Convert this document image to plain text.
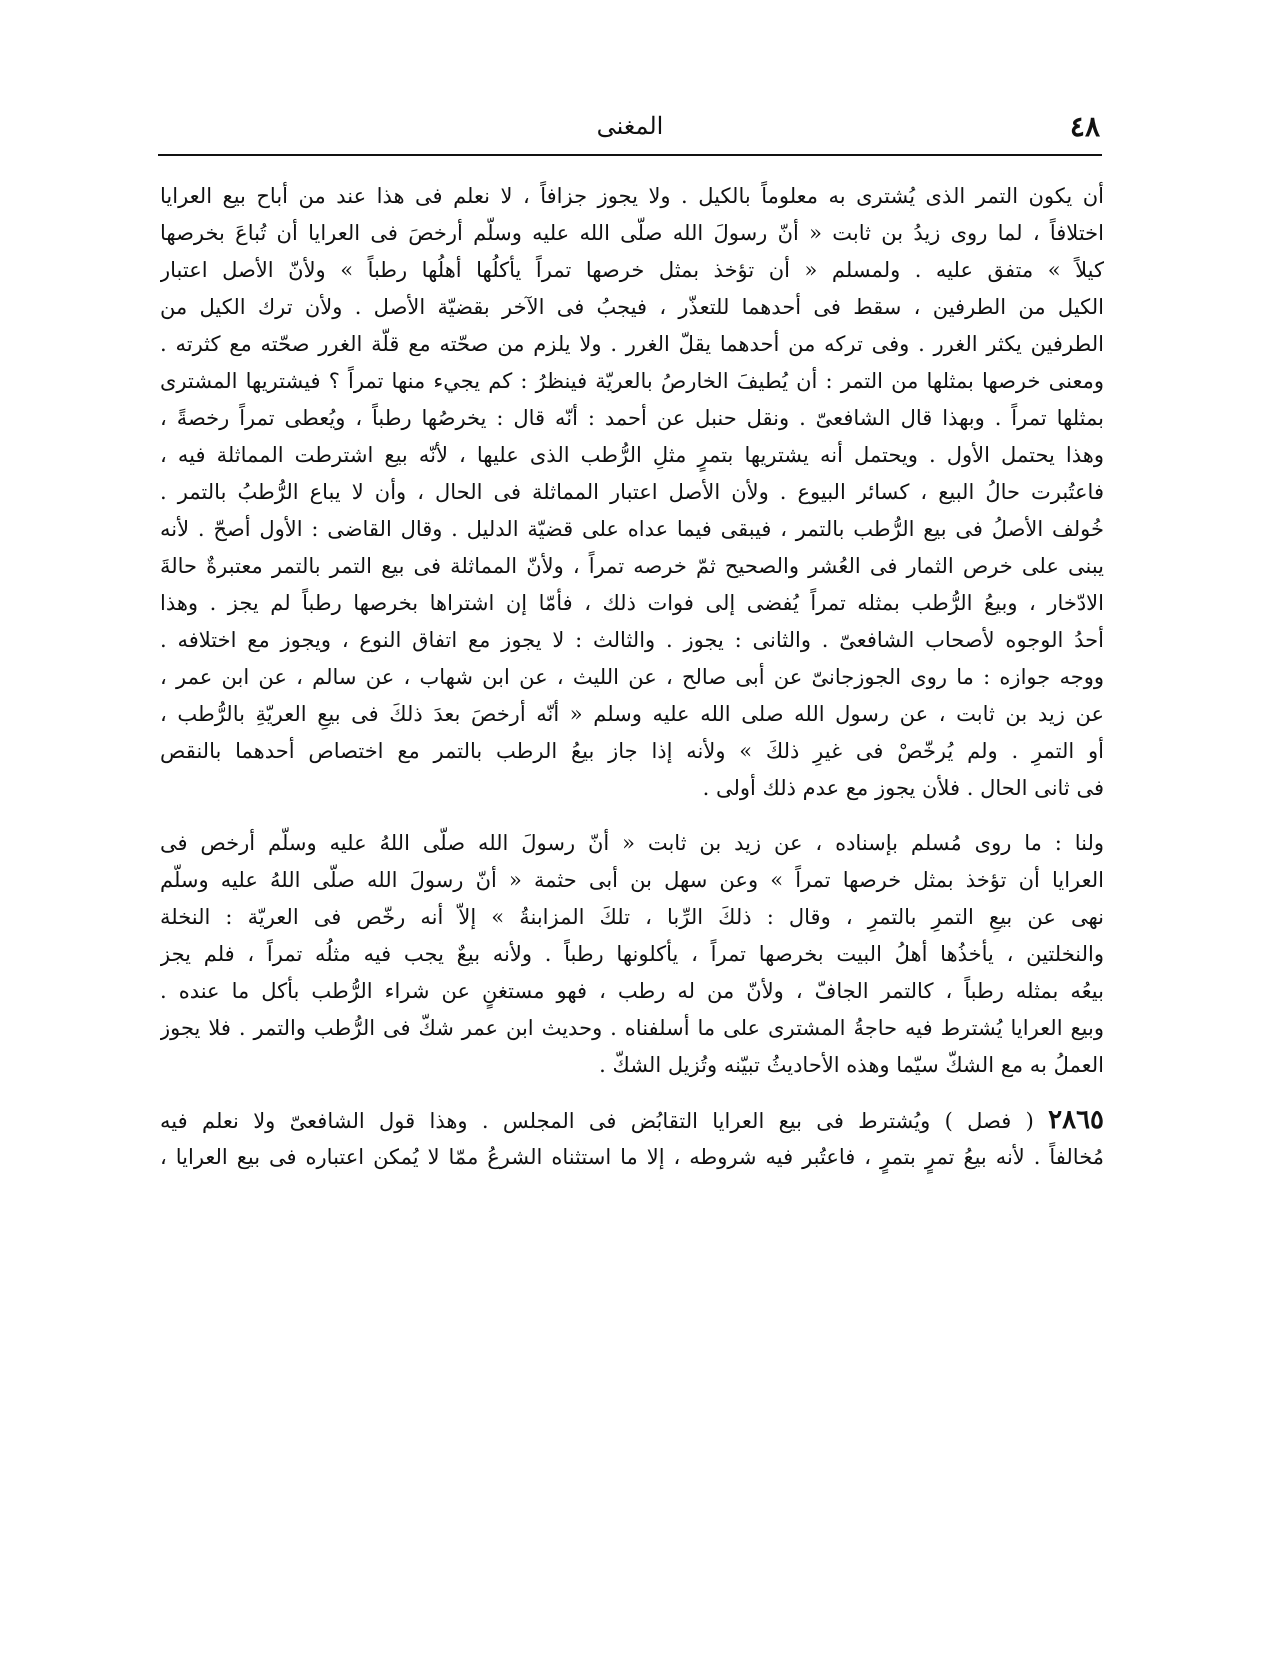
٤٨
المغنى
أن يكون التمر الذى يُشترى به معلوماً بالكيل . ولا يجوز جزافاً ، لا نعلم فى هذا عند من أباح بيع العرايا
اختلافاً ، لما روى زيدُ بن ثابت « أنّ رسولَ الله صلّى الله عليه وسلّم أرخصَ فى العرايا أن تُباعَ بخرصها
كيلاً » متفق عليه . ولمسلم « أن تؤخذ بمثل خرصها تمراً يأكلُها أهلُها رطباً » ولأنّ الأصل اعتبار
الكيل من الطرفين ، سقط فى أحدهما للتعذّر ، فيجبُ فى الآخر بقضيّة الأصل . ولأن ترك الكيل من
الطرفين يكثر الغرر . وفى تركه من أحدهما يقلّ الغرر . ولا يلزم من صحّته مع قلّة الغرر صحّته مع كثرته .
ومعنى خرصها بمثلها من التمر : أن يُطيفَ الخارصُ بالعريّة فينظرُ : كم يجيء منها تمراً ؟ فيشتريها المشترى
بمثلها تمراً . وبهذا قال الشافعىّ . ونقل حنبل عن أحمد : أنّه قال : يخرصُها رطباً ، ويُعطى تمراً رخصةً ،
وهذا يحتمل الأول . ويحتمل أنه يشتريها بتمرٍ مثلِ الرُّطب الذى عليها ، لأنّه بيع اشترطت المماثلة فيه ،
فاعتُبرت حالُ البيع ، كسائر البيوع . ولأن الأصل اعتبار المماثلة فى الحال ، وأن لا يباع الرُّطبُ بالتمر .
خُولف الأصلُ فى بيع الرُّطب بالتمر ، فيبقى فيما عداه على قضيّة الدليل . وقال القاضى : الأول أصحّ . لأنه
يبنى على خرص الثمار فى العُشر والصحيح ثمّ خرصه تمراً ، ولأنّ المماثلة فى بيع التمر بالتمر معتبرةٌ حالةَ
الادّخار ، وبيعُ الرُّطب بمثله تمراً يُفضى إلى فوات ذلك ، فأمّا إن اشتراها بخرصها رطباً لم يجز . وهذا
أحدُ الوجوه لأصحاب الشافعىّ . والثانى : يجوز . والثالث : لا يجوز مع اتفاق النوع ، ويجوز مع اختلافه .
ووجه جوازه : ما روى الجوزجانىّ عن أبى صالح ، عن الليث ، عن ابن شهاب ، عن سالم ، عن ابن عمر ،
عن زيد بن ثابت ، عن رسول الله صلى الله عليه وسلم « أنّه أرخصَ بعدَ ذلكَ فى بيعِ العريّةِ بالرُّطب ،
أو التمرِ . ولم يُرخّصْ فى غيرِ ذلكَ » ولأنه إذا جاز بيعُ الرطب بالتمر مع اختصاص أحدهما بالنقص
فى ثانى الحال . فلأن يجوز مع عدم ذلك أولى .
ولنا : ما روى مُسلم بإسناده ، عن زيد بن ثابت « أنّ رسولَ الله صلّى اللهُ عليه وسلّم أرخص فى
العرايا أن تؤخذ بمثل خرصها تمراً » وعن سهل بن أبى حثمة « أنّ رسولَ الله صلّى اللهُ عليه وسلّم
نهى عن بيعِ التمرِ بالتمرِ ، وقال : ذلكَ الرِّبا ، تلكَ المزابنةُ » إلاّ أنه رخّص فى العريّة : النخلة
والنخلتين ، يأخذُها أهلُ البيت بخرصها تمراً ، يأكلونها رطباً . ولأنه بيعٌ يجب فيه مثلُه تمراً ، فلم يجز
بيعُه بمثله رطباً ، كالتمر الجافّ ، ولأنّ من له رطب ، فهو مستغنٍ عن شراء الرُّطب بأكل ما عنده .
وبيع العرايا يُشترط فيه حاجةُ المشترى على ما أسلفناه . وحديث ابن عمر شكّ فى الرُّطب والتمر . فلا يجوز
العملُ به مع الشكّ سيّما وهذه الأحاديثُ تبيّنه وتُزيل الشكّ .
٢٨٦٥ ( فصل ) ويُشترط فى بيع العرايا التقابُض فى المجلس . وهذا قول الشافعىّ ولا نعلم فيه
مُخالفاً . لأنه بيعُ تمرٍ بتمرٍ ، فاعتُبر فيه شروطه ، إلا ما استثناه الشرعُ ممّا لا يُمكن اعتباره فى بيع العرايا ،
